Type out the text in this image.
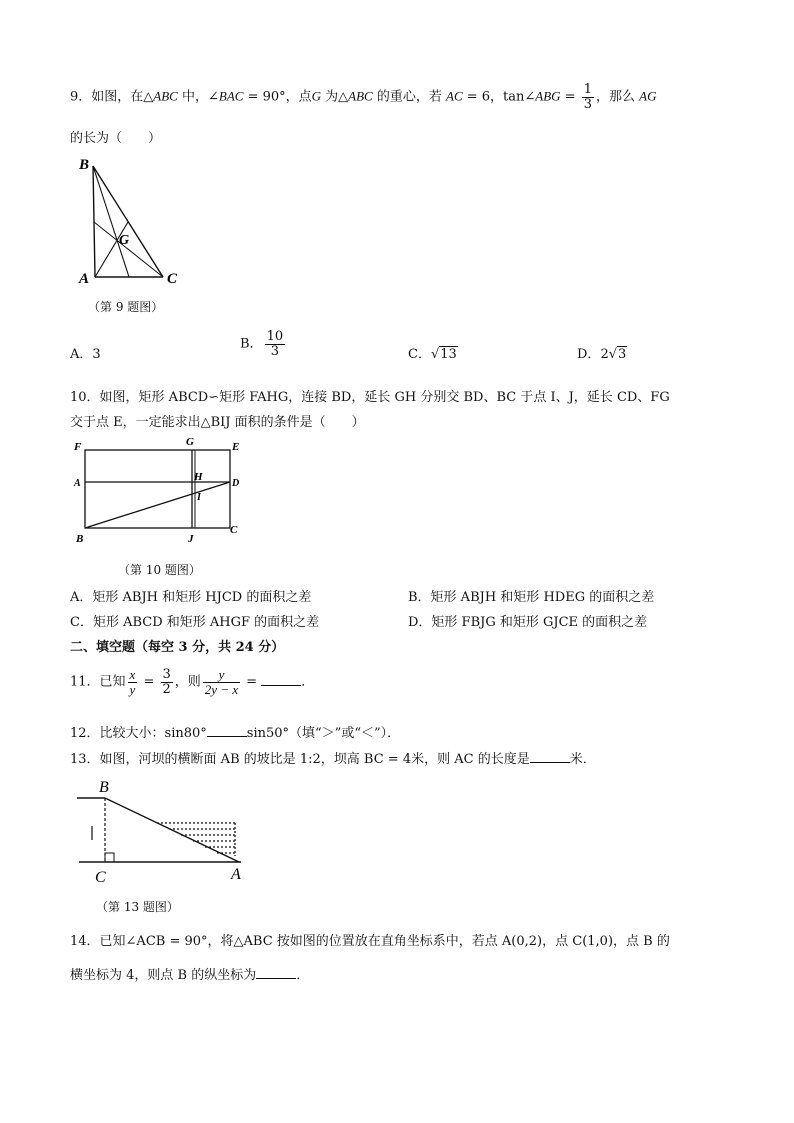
9．如图，在△ABC 中，∠BAC = 90°，点G 为△ABC 的重心，若 AC = 6，tan∠ABG = $\frac{1}{3}$ ，那么 AG
的长为（　　）
B
G
A	C
（第 9 题图）
A．3
B． $\frac{10}{3}$	C．√13	D．2√3
10．如图，矩形 ABCD∽矩形 FAHG，连接 BD，延长 GH 分别交 BD、BC 于点 I、J，延长 CD、FG
交于点 E，一定能求出△BIJ 面积的条件是（　　）
F	G	E
A
H
D
I
B	J
C
（第 10 题图）
A．矩形 ABJH 和矩形 HJCD 的面积之差	B．矩形 ABJH 和矩形 HDEG 的面积之差
C．矩形 ABCD 和矩形 AHGF 的面积之差	D．矩形 FBJG 和矩形 GJCE 的面积之差
二、填空题（每空 3 分，共 24 分）
11．已知 $\frac{x}{y} = \frac{3}{2}$ ，则 $\frac{y}{2y - x}$ =	．
12．比较大小：sin80°	sin50°（填“＞”或“＜”）．
13．如图，河坝的横断面 AB 的坡比是 1:2，坝高 BC = 4米，则 AC 的长度是	米．
B
C	A
（第 13 题图）
14．已知∠ACB = 90°，将△ABC 按如图的位置放在直角坐标系中，若点 A(0,2)，点 C(1,0)，点 B 的
横坐标为 4，则点 B 的纵坐标为	．
